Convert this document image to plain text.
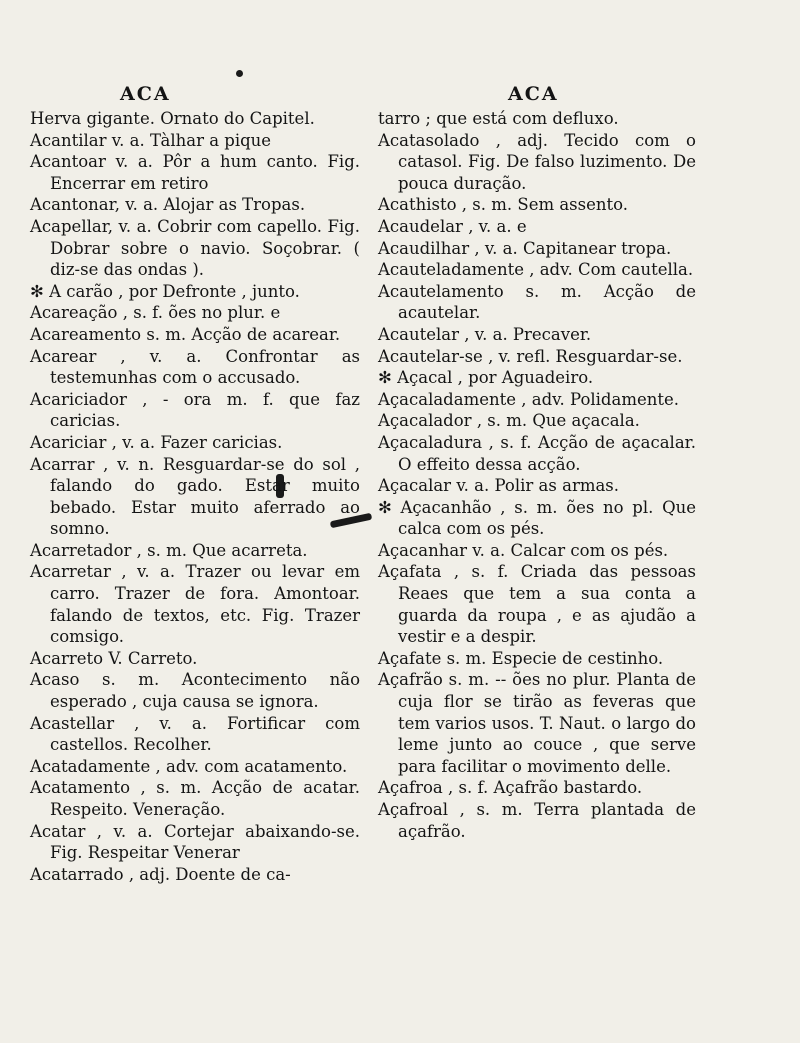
ACA

Herva gigante. Ornato do Capitel.

Acantilar v. a. Tàlhar a pique

Acantoar v. a. Pôr a hum canto. Fig. Encerrar em retiro

Acantonar, v. a. Alojar as Tropas.

Acapellar, v. a. Cobrir com capello. Fig. Dobrar sobre o navio. Soçobrar. ( diz-se das ondas ).

✻ A carão , por Defronte , junto.

Acareação , s. f. ões no plur. e

Acareamento s. m. Acção de acarear.

Acarear , v. a. Confrontar as testemunhas com o accusado.

Acariciador , - ora m. f. que faz caricias.

Acariciar , v. a. Fazer caricias.

Acarrar , v. n. Resguardar-se do sol , falando do gado. Estar muito bebado. Estar muito aferrado ao somno.

Acarretador , s. m. Que acarreta.

Acarretar , v. a. Trazer ou levar em carro. Trazer de fora. Amontoar. falando de textos, etc. Fig. Trazer comsigo.

Acarreto V. Carreto.

Acaso s. m. Acontecimento não esperado , cuja causa se ignora.

Acastellar , v. a. Fortificar com castellos. Recolher.

Acatadamente , adv. com acatamento.

Acatamento , s. m. Acção de acatar. Respeito. Veneração.

Acatar , v. a. Cortejar abaixando-se. Fig. Respeitar Venerar

Acatarrado , adj. Doente de ca-

ACA

tarro ; que está com defluxo.

Acatasolado , adj. Tecido com o catasol. Fig. De falso luzimento. De pouca duração.

Acathisto , s. m. Sem assento.

Acaudelar , v. a. e

Acaudilhar , v. a. Capitanear tropa.

Acauteladamente , adv. Com cautella.

Acautelamento s. m. Acção de acautelar.

Acautelar , v. a. Precaver.

Acautelar-se , v. refl. Resguardar-se.

✻ Açacal , por Aguadeiro.

Açacaladamente , adv. Polidamente.

Açacalador , s. m. Que açacala.

Açacaladura , s. f. Acção de açacalar. O effeito dessa acção.

Açacalar v. a. Polir as armas.

✻ Açacanhão , s. m. ões no pl. Que calca com os pés.

Açacanhar v. a. Calcar com os pés.

Açafata , s. f. Criada das pessoas Reaes que tem a sua conta a guarda da roupa , e as ajudão a vestir e a despir.

Açafate s. m. Especie de cestinho.

Açafrão s. m. -- ões no plur. Planta de cuja flor se tirão as feveras que tem varios usos. T. Naut. o largo do leme junto ao couce , que serve para facilitar o movimento delle.

Açafroa , s. f. Açafrão bastardo.

Açafroal , s. m. Terra plantada de açafrão.
